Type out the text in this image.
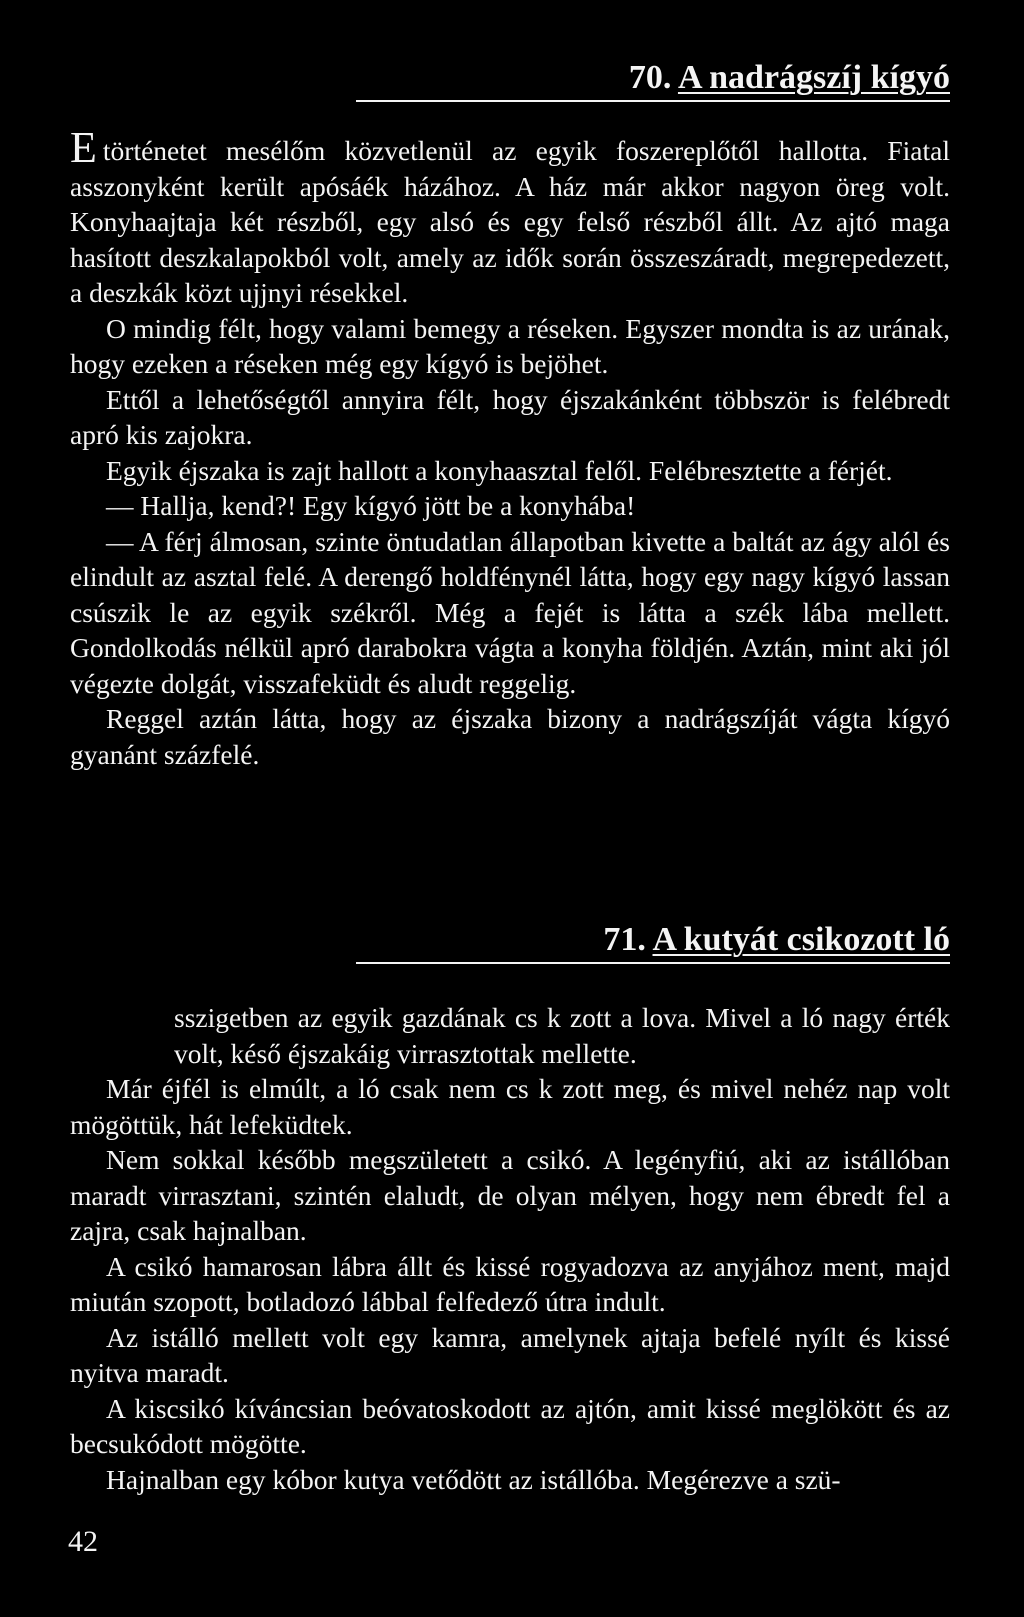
70. A nadrágszíj kígyó

Etörténetet mesélőm közvetlenül az egyik foszereplőtől hallotta. Fiatal asszonyként került apósáék házához. A ház már akkor nagyon öreg volt. Konyhaajtaja két részből, egy alsó és egy felső részből állt. Az ajtó maga hasított deszkalapokból volt, amely az idők során összeszáradt, megrepedezett, a deszkák közt ujjnyi résekkel.

O mindig félt, hogy valami bemegy a réseken. Egyszer mondta is az urának, hogy ezeken a réseken még egy kígyó is bejöhet.

Ettől a lehetőségtől annyira félt, hogy éjszakánként többször is felébredt apró kis zajokra.

Egyik éjszaka is zajt hallott a konyhaasztal felől. Felébresztette a férjét.

— Hallja, kend?! Egy kígyó jött be a konyhába!

— A férj álmosan, szinte öntudatlan állapotban kivette a baltát az ágy alól és elindult az asztal felé. A derengő holdfénynél látta, hogy egy nagy kígyó lassan csúszik le az egyik székről. Még a fejét is látta a szék lába mellett. Gondolkodás nélkül apró darabokra vágta a konyha földjén. Aztán, mint aki jól végezte dolgát, visszafeküdt és aludt reggelig.

Reggel aztán látta, hogy az éjszaka bizony a nadrágszíját vágta kígyó gyanánt százfelé.

71. A kutyát csikozott ló

sszigetben az egyik gazdának cs k zott a lova. Mivel a ló nagy érték volt, késő éjszakáig virrasztottak mellette.

Már éjfél is elmúlt, a ló csak nem cs k zott meg, és mivel nehéz nap volt mögöttük, hát lefeküdtek.

Nem sokkal később megszületett a csikó. A legényfiú, aki az istállóban maradt virrasztani, szintén elaludt, de olyan mélyen, hogy nem ébredt fel a zajra, csak hajnalban.

A csikó hamarosan lábra állt és kissé rogyadozva az anyjához ment, majd miután szopott, botladozó lábbal felfedező útra indult.

Az istálló mellett volt egy kamra, amelynek ajtaja befelé nyílt és kissé nyitva maradt.

A kiscsikó kíváncsian beóvatoskodott az ajtón, amit kissé meglökött és az becsukódott mögötte.

Hajnalban egy kóbor kutya vetődött az istállóba. Megérezve a szü-

42
